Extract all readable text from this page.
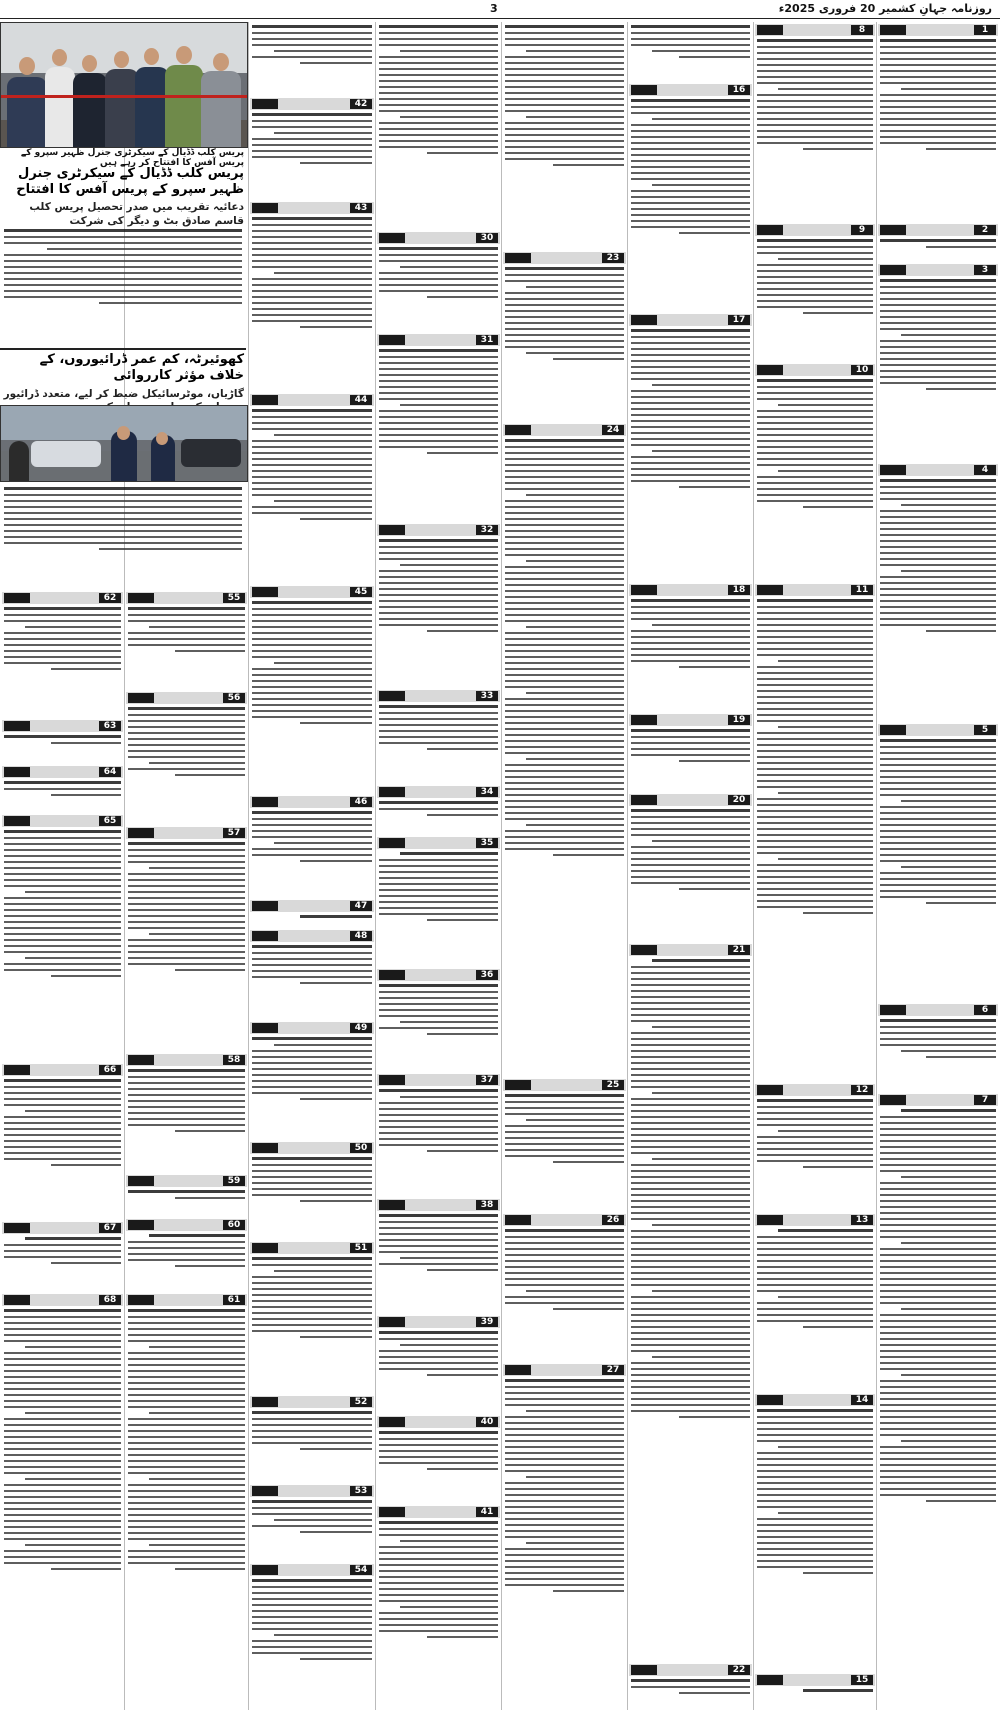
3	روزنامہ جہانِ کشمیر 20 فروری 2025ء
1
2
3
4
5
6
7
8
9
10
11
12
13
14
15
16
17
18
19
20
21
22
23
24
25
26
27
30
31
32
33
34
35
36
37
38
39
40
41
42
43
44
45
46
47
48
49
50
51
52
53
54
55
56
57
58
59
60
61
62
63
64
65
66
67
68
پریس کلب ڈڈیال کے سیکرٹری جنرل ظہیر سپرو کے پریس آفس کا افتتاح کر رہے ہیں
پریس کلب ڈڈیال کے سیکرٹری جنرل ظہیر سپرو کے پریس آفس کا افتتاح
دعائیہ تقریب میں صدر تحصیل پریس کلب قاسم صادق بٹ و دیگر کی شرکت
کھوئیرٹہ، کم عمر ڈرائیوروں، کے خلاف مؤثر کارروائی
گاڑیاں، موٹرسائیکل ضبط کر لیے، متعدد ڈرائیور
